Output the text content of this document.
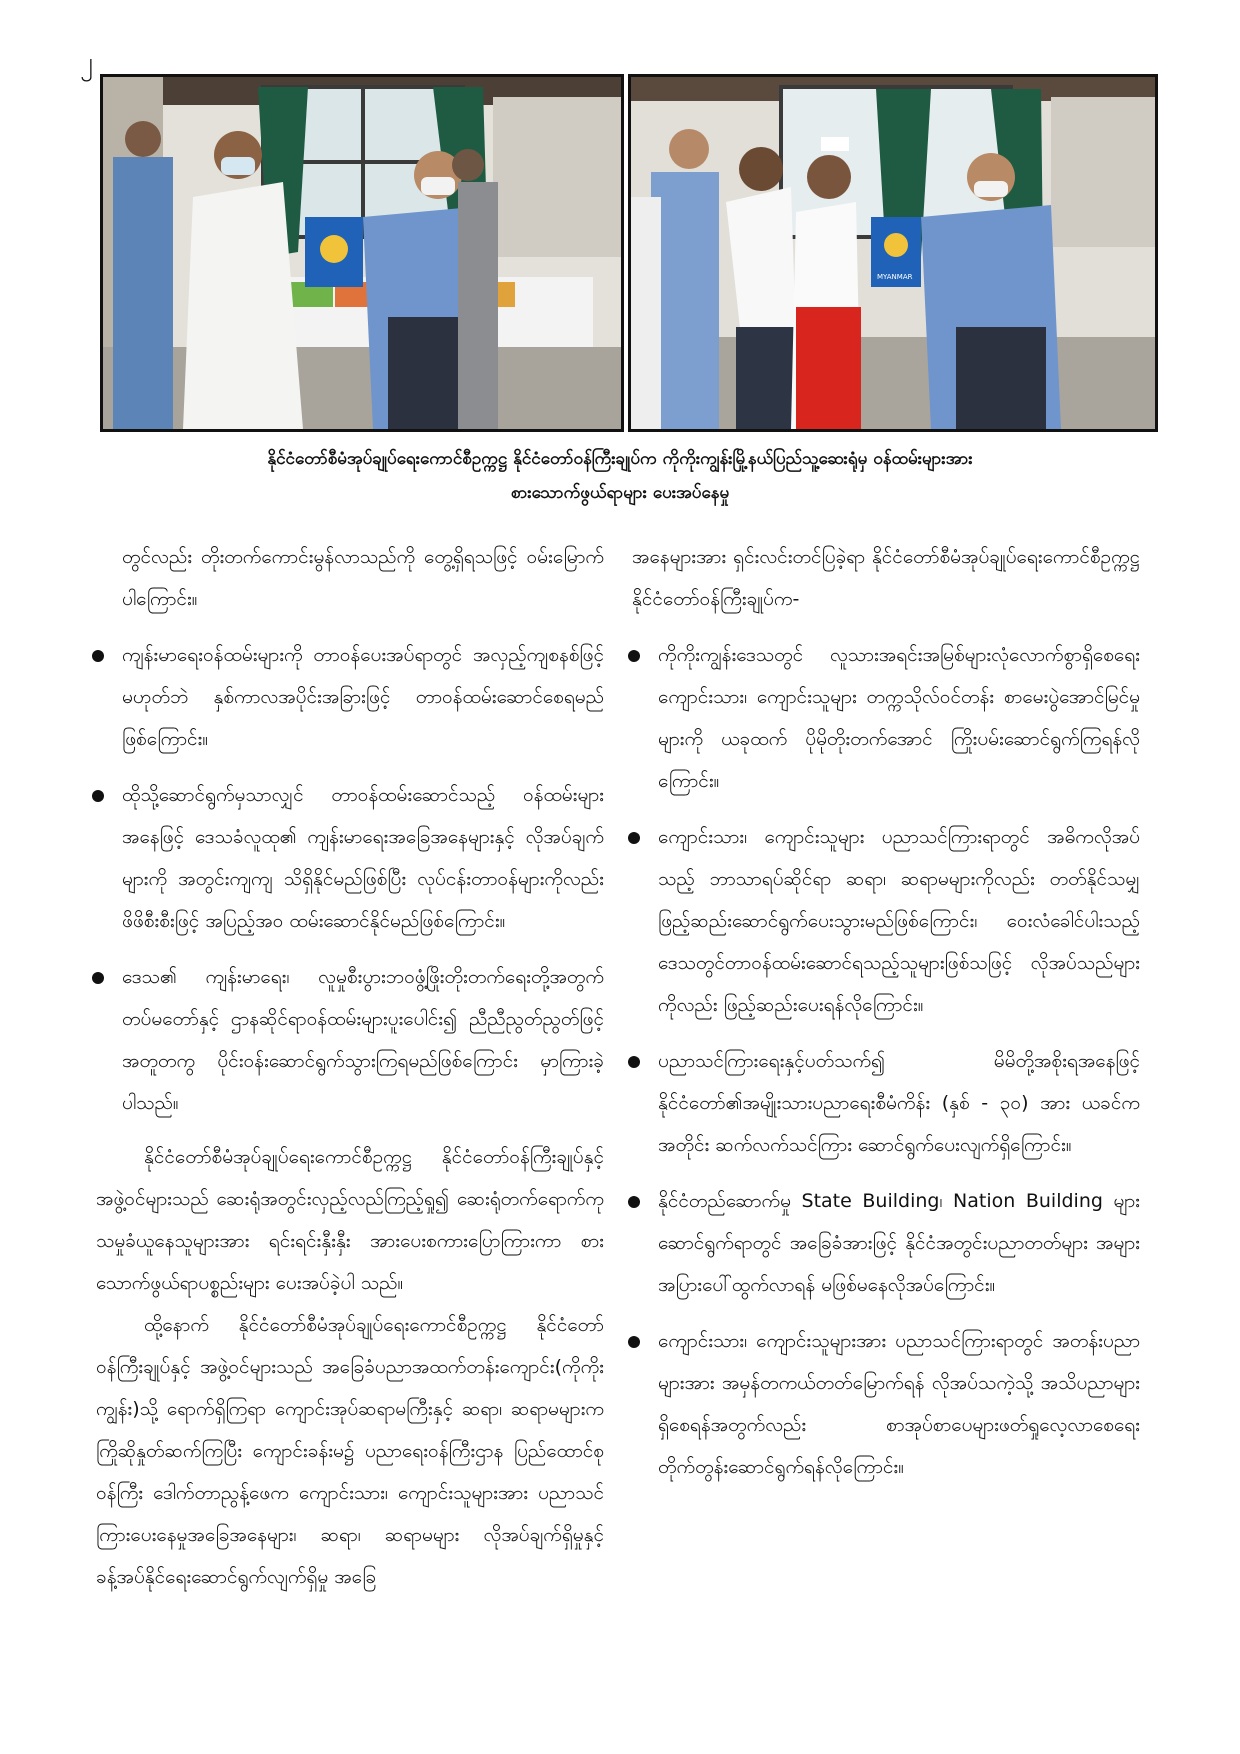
၂
MYANMAR
နိုင်ငံတော်စီမံအုပ်ချုပ်ရေးကောင်စီဥက္ကဋ္ဌ နိုင်ငံတော်ဝန်ကြီးချုပ်က ကိုကိုးကျွန်းမြို့နယ်ပြည်သူ့ဆေးရုံမှ ဝန်ထမ်းများအား
စားသောက်ဖွယ်ရာများ ပေးအပ်နေမှု

တွင်လည်း တိုးတက်ကောင်းမွန်လာသည်ကို တွေ့ရှိရသဖြင့် ဝမ်းမြောက်ပါကြောင်း။

ကျန်းမာရေးဝန်ထမ်းများကို တာဝန်ပေးအပ်ရာတွင် အလှည့်ကျစနစ်ဖြင့်မဟုတ်ဘဲ နှစ်ကာလအပိုင်းအခြားဖြင့် တာဝန်ထမ်းဆောင်စေရမည်ဖြစ်ကြောင်း။
ထိုသို့ဆောင်ရွက်မှသာလျှင် တာဝန်ထမ်းဆောင်သည့် ဝန်ထမ်းများအနေဖြင့် ဒေသခံလူထု၏ ကျန်းမာရေးအခြေအနေများနှင့် လိုအပ်ချက်များကို အတွင်းကျကျ သိရှိနိုင်မည်ဖြစ်ပြီး လုပ်ငန်းတာဝန်များကိုလည်း ဖိဖိစီးစီးဖြင့် အပြည့်အဝ ထမ်းဆောင်နိုင်မည်ဖြစ်ကြောင်း။
ဒေသ၏ ကျန်းမာရေး၊ လူမှုစီးပွားဘဝဖွံ့ဖြိုးတိုးတက်ရေးတို့အတွက် တပ်မတော်နှင့် ဌာနဆိုင်ရာဝန်ထမ်းများပူးပေါင်း၍ ညီညီညွတ်ညွတ်ဖြင့် အတူတကွ ပိုင်းဝန်းဆောင်ရွက်သွားကြရမည်ဖြစ်ကြောင်း မှာကြားခဲ့ပါသည်။

နိုင်ငံတော်စီမံအုပ်ချုပ်ရေးကောင်စီဥက္ကဋ္ဌ နိုင်ငံတော်ဝန်ကြီးချုပ်နှင့် အဖွဲ့ဝင်များသည် ဆေးရုံအတွင်းလှည့်လည်ကြည့်ရှု၍ ဆေးရုံတက်ရောက်ကုသမှုခံယူနေသူများအား ရင်းရင်းနှီးနှီး အားပေးစကားပြောကြားကာ စားသောက်ဖွယ်ရာပစ္စည်းများ ပေးအပ်ခဲ့ပါ သည်။

ထို့နောက် နိုင်ငံတော်စီမံအုပ်ချုပ်ရေးကောင်စီဥက္ကဋ္ဌ နိုင်ငံတော်ဝန်ကြီးချုပ်နှင့် အဖွဲ့ဝင်များသည် အခြေခံပညာအထက်တန်းကျောင်း(ကိုကိုးကျွန်း)သို့ ရောက်ရှိကြရာ ကျောင်းအုပ်ဆရာမကြီးနှင့် ဆရာ၊ ဆရာမများက ကြိုဆိုနှုတ်ဆက်ကြပြီး ကျောင်းခန်းမ၌ ပညာရေးဝန်ကြီးဌာန ပြည်ထောင်စုဝန်ကြီး ဒေါက်တာညွန့်ဖေက ကျောင်းသား၊ ကျောင်းသူများအား ပညာသင်ကြားပေးနေမှုအခြေအနေများ၊ ဆရာ၊ ဆရာမများ လိုအပ်ချက်ရှိမှုနှင့် ခန့်အပ်နိုင်ရေးဆောင်ရွက်လျက်ရှိမှု အခြေ

အနေများအား ရှင်းလင်းတင်ပြခဲ့ရာ နိုင်ငံတော်စီမံအုပ်ချုပ်ရေးကောင်စီဥက္ကဋ္ဌ နိုင်ငံတော်ဝန်ကြီးချုပ်က-

ကိုကိုးကျွန်းဒေသတွင် လူသားအရင်းအမြစ်များလုံလောက်စွာရှိစေရေး ကျောင်းသား၊ ကျောင်းသူများ တက္ကသိုလ်ဝင်တန်း စာမေးပွဲအောင်မြင်မှုများကို ယခုထက် ပိုမိုတိုးတက်အောင် ကြိုးပမ်းဆောင်ရွက်ကြရန်လိုကြောင်း။
ကျောင်းသား၊ ကျောင်းသူများ ပညာသင်ကြားရာတွင် အဓိကလိုအပ်သည့် ဘာသာရပ်ဆိုင်ရာ ဆရာ၊ ဆရာမများကိုလည်း တတ်နိုင်သမျှဖြည့်ဆည်းဆောင်ရွက်ပေးသွားမည်ဖြစ်ကြောင်း၊ ဝေးလံခေါင်ပါးသည့် ဒေသတွင်တာဝန်ထမ်းဆောင်ရသည့်သူများဖြစ်သဖြင့် လိုအပ်သည်များကိုလည်း ဖြည့်ဆည်းပေးရန်လိုကြောင်း။
ပညာသင်ကြားရေးနှင့်ပတ်သက်၍ မိမိတို့အစိုးရအနေဖြင့် နိုင်ငံတော်၏အမျိုးသားပညာရေးစီမံကိန်း (နှစ် - ၃၀) အား ယခင်ကအတိုင်း ဆက်လက်သင်ကြား ဆောင်ရွက်ပေးလျက်ရှိကြောင်း။
နိုင်ငံတည်ဆောက်မှု State Building၊ Nation Building များဆောင်ရွက်ရာတွင် အခြေခံအားဖြင့် နိုင်ငံအတွင်းပညာတတ်များ အများအပြားပေါ်ထွက်လာရန် မဖြစ်မနေလိုအပ်ကြောင်း။
ကျောင်းသား၊ ကျောင်းသူများအား ပညာသင်ကြားရာတွင် အတန်းပညာများအား အမှန်တကယ်တတ်မြောက်ရန် လိုအပ်သကဲ့သို့ အသိပညာများရှိစေရန်အတွက်လည်း စာအုပ်စာပေများဖတ်ရှုလေ့လာစေရေး တိုက်တွန်းဆောင်ရွက်ရန်လိုကြောင်း။
